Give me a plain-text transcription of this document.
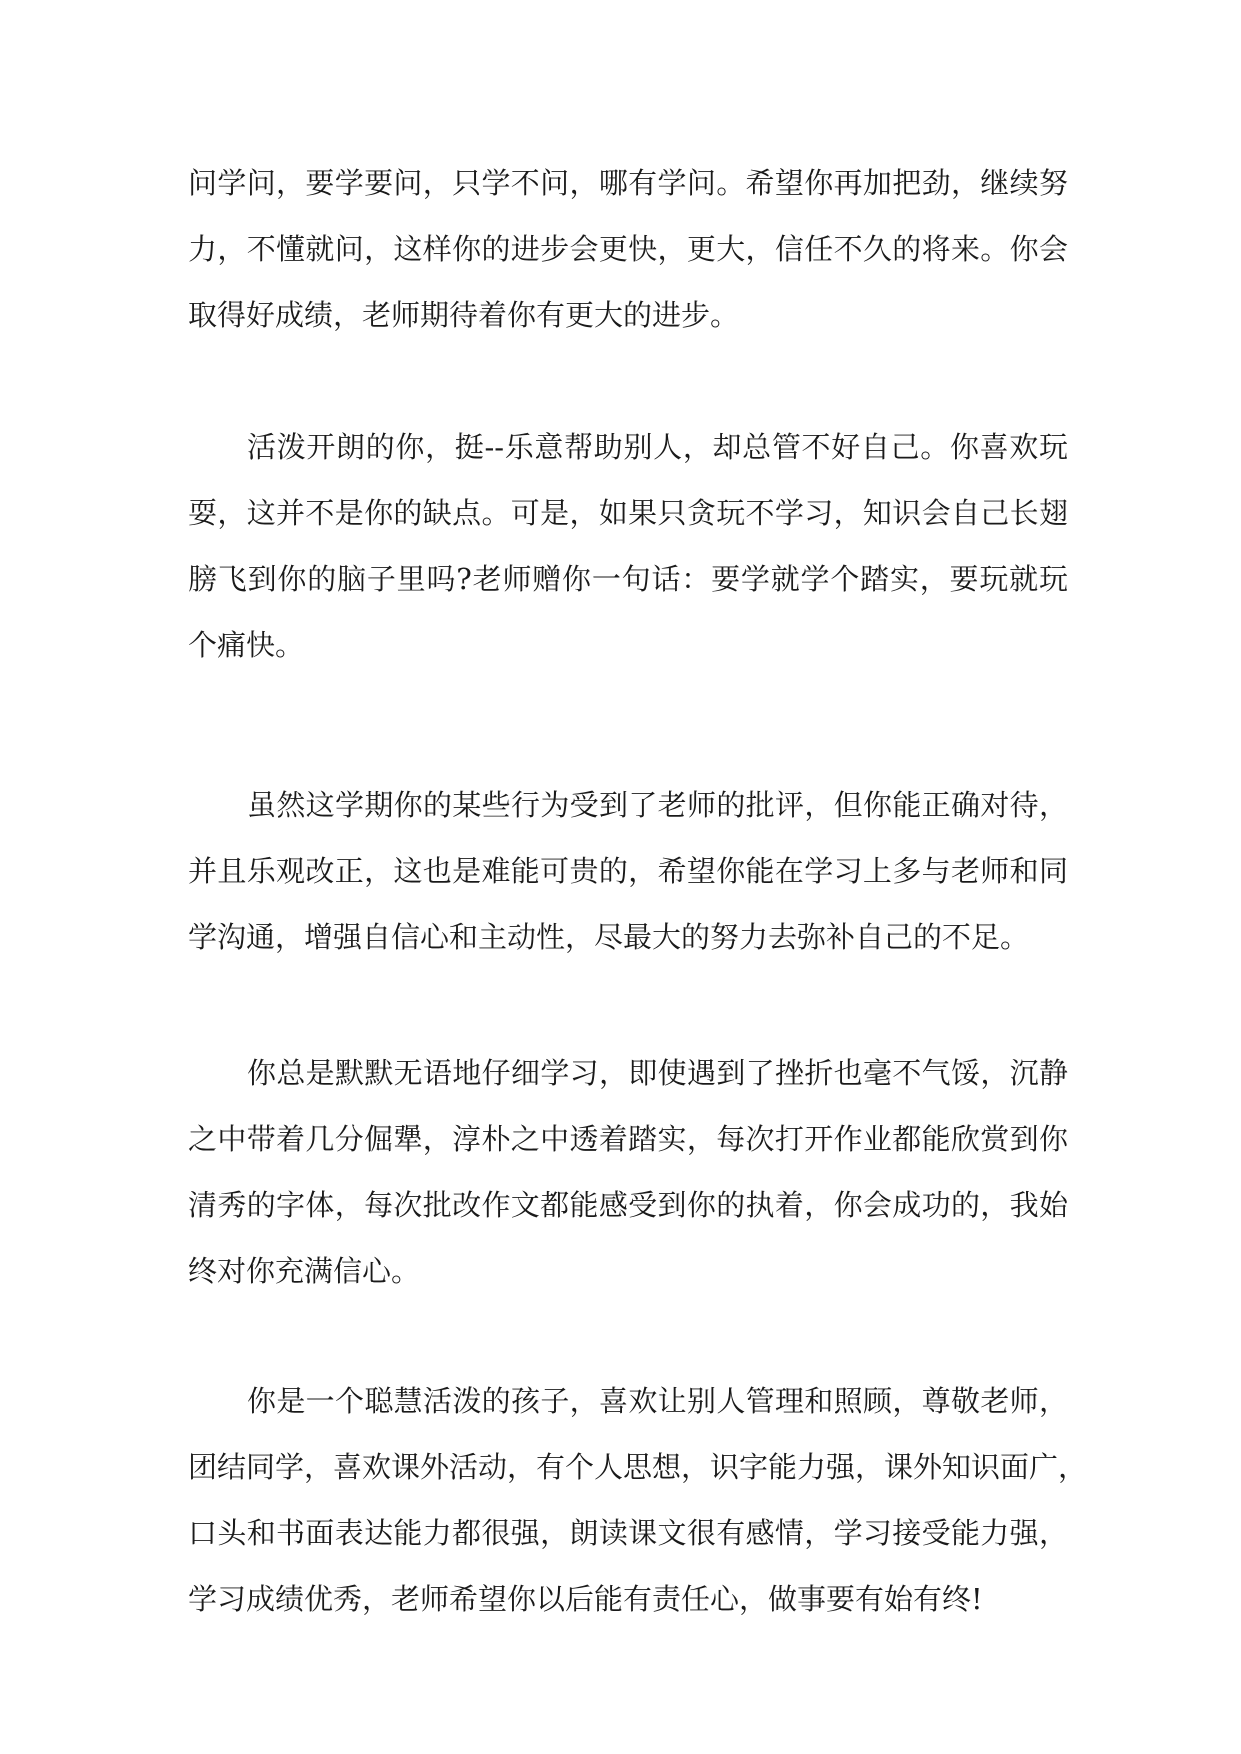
问学问，要学要问，只学不问，哪有学问。希望你再加把劲，继续努
力，不懂就问，这样你的进步会更快，更大，信任不久的将来。你会
取得好成绩，老师期待着你有更大的进步。
活泼开朗的你，挺--乐意帮助别人，却总管不好自己。你喜欢玩
耍，这并不是你的缺点。可是，如果只贪玩不学习，知识会自己长翅
膀飞到你的脑子里吗?老师赠你一句话：要学就学个踏实，要玩就玩
个痛快。
虽然这学期你的某些行为受到了老师的批评，但你能正确对待，
并且乐观改正，这也是难能可贵的，希望你能在学习上多与老师和同
学沟通，增强自信心和主动性，尽最大的努力去弥补自己的不足。
你总是默默无语地仔细学习，即使遇到了挫折也毫不气馁，沉静
之中带着几分倔犟，淳朴之中透着踏实，每次打开作业都能欣赏到你
清秀的字体，每次批改作文都能感受到你的执着，你会成功的，我始
终对你充满信心。
你是一个聪慧活泼的孩子，喜欢让别人管理和照顾，尊敬老师，
团结同学，喜欢课外活动，有个人思想，识字能力强，课外知识面广，
口头和书面表达能力都很强，朗读课文很有感情，学习接受能力强，
学习成绩优秀，老师希望你以后能有责任心，做事要有始有终!
